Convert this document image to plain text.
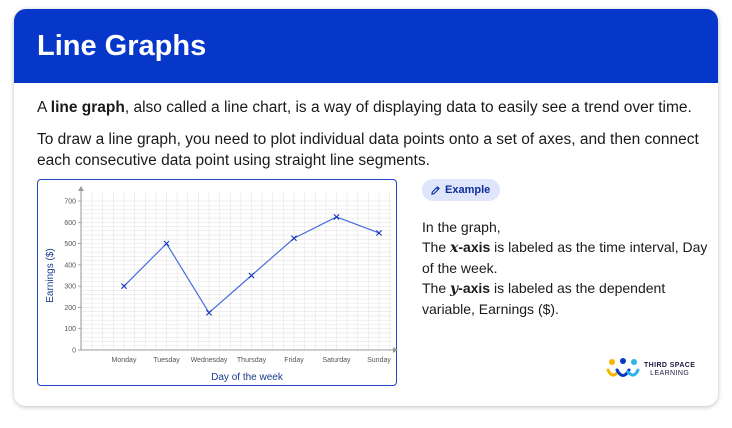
Line Graphs

A line graph, also called a line chart, is a way of displaying data to easily see a trend over time.

To draw a line graph, you need to plot individual data points onto a set of axes, and then connect each consecutive data point using straight line segments.

0
100
200
300
400
500
600
700
Monday Tuesday Wednesday Thursday	Friday	Saturday Sunday
Day of the week
Earnings ($)
Example
In the graph,
The x-axis is labeled as the time interval, Day of the week.
The y-axis is labeled as the dependent variable, Earnings ($).
THIRD SPACE
LEARNING
